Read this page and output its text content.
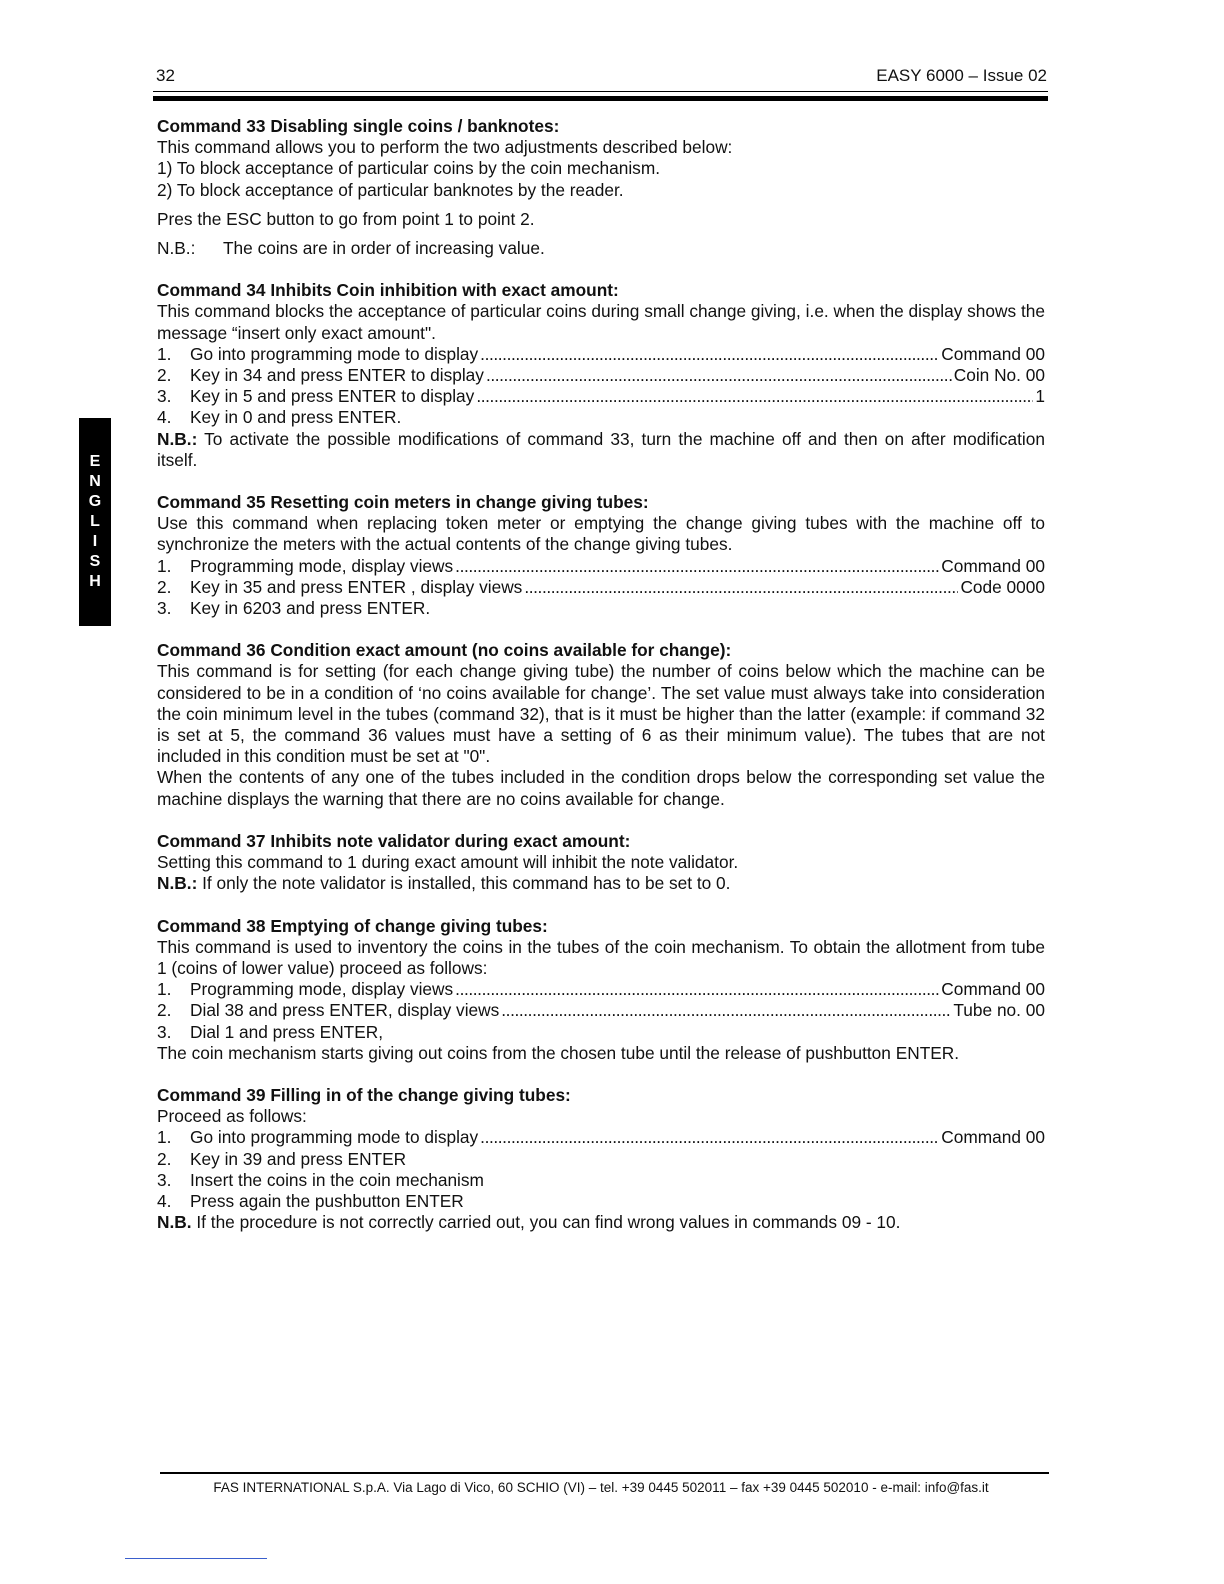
32	EASY 6000 – Issue 02
E
N
G
L
I
S
H
Command 33 Disabling single coins / banknotes:
This command allows you to perform the two adjustments described below:
1) To block acceptance of particular coins by the coin mechanism.
2) To block acceptance of particular banknotes by the reader.
Pres the ESC button to go from point 1 to point 2.
N.B.:	The coins are in order of increasing value.
Command 34 Inhibits Coin inhibition with exact amount:
This command blocks the acceptance of particular coins during small change giving, i.e. when the display shows the message “insert only exact amount".
1.	Go into programming mode to display . . .	Command 00
2.	Key in 34 and press ENTER to display . . .	Coin No. 00
3.	Key in 5 and press ENTER to display . . .	1
4.	Key in 0 and press ENTER.
N.B.: To activate the possible modifications of command 33, turn the machine off and then on after modification itself.
Command 35 Resetting coin meters in change giving tubes:
Use this command when replacing token meter or emptying the change giving tubes with the machine off to synchronize the meters with the actual contents of the change giving tubes.
1.	Programming mode, display views . . .	Command 00
2.	Key in 35 and press ENTER , display views . . .	Code 0000
3.	Key in 6203 and press ENTER.
Command 36 Condition exact amount (no coins available for change):
This command is for setting (for each change giving tube) the number of coins below which the machine can be considered to be in a condition of ‘no coins available for change’. The set value must always take into consideration the coin minimum level in the tubes (command 32), that is it must be higher than the latter (example: if command 32 is set at 5, the command 36 values must have a setting of 6 as their minimum value). The tubes that are not included in this condition must be set at "0".
When the contents of any one of the tubes included in the condition drops below the corresponding set value the machine displays the warning that there are no coins available for change.
Command 37 Inhibits note validator during exact amount:
Setting this command to 1 during exact amount will inhibit the note validator.
N.B.: If only the note validator is installed, this command has to be set to 0.
Command 38 Emptying of change giving tubes:
This command is used to inventory the coins in the tubes of the coin mechanism. To obtain the allotment from tube 1 (coins of lower value) proceed as follows:
1.	Programming mode, display views . . .	Command 00
2.	Dial 38 and press ENTER, display views . . .	Tube no. 00
3.	Dial 1 and press ENTER,
The coin mechanism starts giving out coins from the chosen tube until the release of pushbutton ENTER.
Command 39 Filling in of the change giving tubes:
Proceed as follows:
1.	Go into programming mode to display . . .	Command 00
2.	Key in 39 and press ENTER
3.	Insert the coins in the coin mechanism
4.	Press again the pushbutton ENTER
N.B. If the procedure is not correctly carried out, you can find wrong values in commands 09 - 10.
FAS INTERNATIONAL S.p.A. Via Lago di Vico, 60 SCHIO (VI) – tel. +39 0445 502011 – fax +39 0445 502010 - e-mail: info@fas.it
